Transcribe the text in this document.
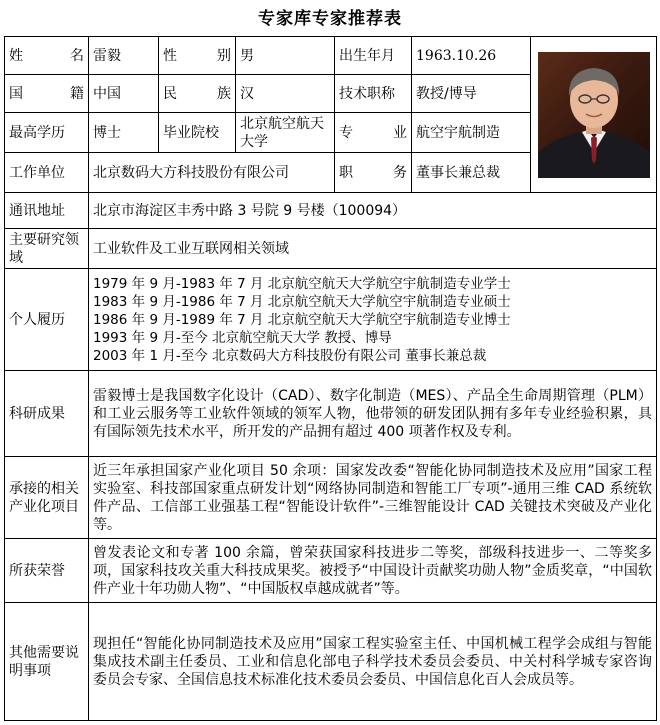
专家库专家推荐表
姓 名	雷毅	性 别	男	出生年月	1963.10.26	

国 籍	中国	民 族	汉	技术职称	教授/博导	
最高学历	博士	毕业院校	北京航空航天大学	专 业	航空宇航制造	
工作单位	北京数码大方科技股份有限公司			职 务	董事长兼总裁	
通讯地址	北京市海淀区丰秀中路 3 号院 9 号楼（100094）					
主要研究领域	工业软件及工业互联网相关领域					
个人履历	1979 年 9 月-1983 年 7 月 北京航空航天大学航空宇航制造专业学士
1983 年 9 月-1986 年 7 月 北京航空航天大学航空宇航制造专业硕士
1986 年 9 月-1989 年 7 月 北京航空航天大学航空宇航制造专业博士
1993 年 9 月-至今 北京航空航天大学 教授、博导
2003 年 1 月-至今 北京数码大方科技股份有限公司 董事长兼总裁					

科研成果	雷毅博士是我国数字化设计（CAD）、数字化制造（MES）、产品全生命周期管理（PLM）和工业云服务等工业软件领域的领军人物，他带领的研发团队拥有多年专业经验积累，具有国际领先技术水平，所开发的产品拥有超过 400 项著作权及专利。					
承接的相关产业化项目	近三年承担国家产业化项目 50 余项：国家发改委“智能化协同制造技术及应用”国家工程实验室、科技部国家重点研发计划“网络协同制造和智能工厂专项”-通用三维 CAD 系统软件产品、工信部工业强基工程“智能设计软件”-三维智能设计 CAD 关键技术突破及产业化等。					
所获荣誉	曾发表论文和专著 100 余篇，曾荣获国家科技进步二等奖，部级科技进步一、二等奖多项，国家科技攻关重大科技成果奖。被授予“中国设计贡献奖功勋人物”金质奖章，“中国软件产业十年功勋人物”、“中国版权卓越成就者”等。					
其他需要说明事项	现担任“智能化协同制造技术及应用”国家工程实验室主任、中国机械工程学会成组与智能集成技术副主任委员、工业和信息化部电子科学技术委员会委员、中关村科学城专家咨询委员会专家、全国信息技术标准化技术委员会委员、中国信息化百人会成员等。					
